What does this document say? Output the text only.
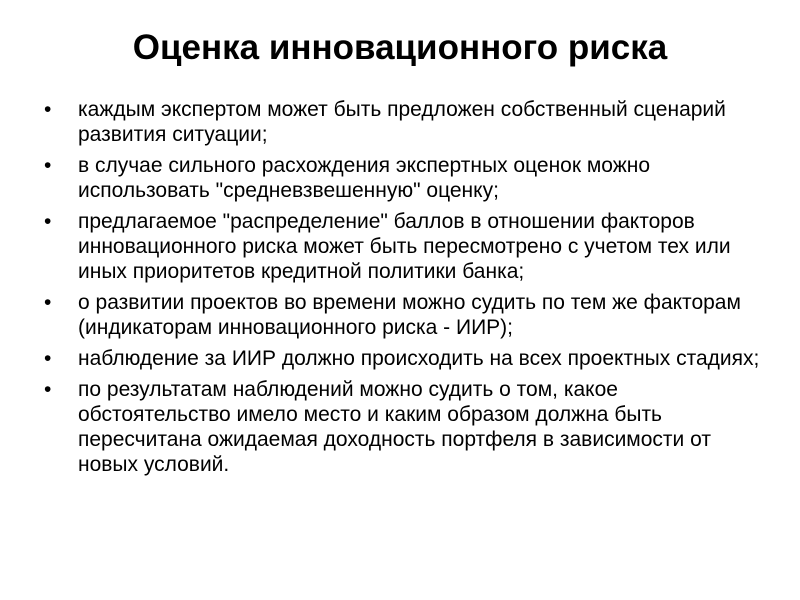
Оценка инновационного риска
•	каждым экспертом может быть предложен собственный сценарий развития ситуации;
•	в случае сильного расхождения экспертных оценок можно использовать "средневзвешенную" оценку;
•	предлагаемое "распределение" баллов в отношении факторов инновационного риска может быть пересмотрено с учетом тех или иных приоритетов кредитной политики банка;
•	о развитии проектов во времени можно судить по тем же факторам (индикаторам инновационного риска - ИИР);
•	наблюдение за ИИР должно происходить на всех проектных стадиях;
•	по результатам наблюдений можно судить о том, какое обстоятельство имело место и каким образом должна быть пересчитана ожидаемая доходность портфеля в зависимости от новых условий.
